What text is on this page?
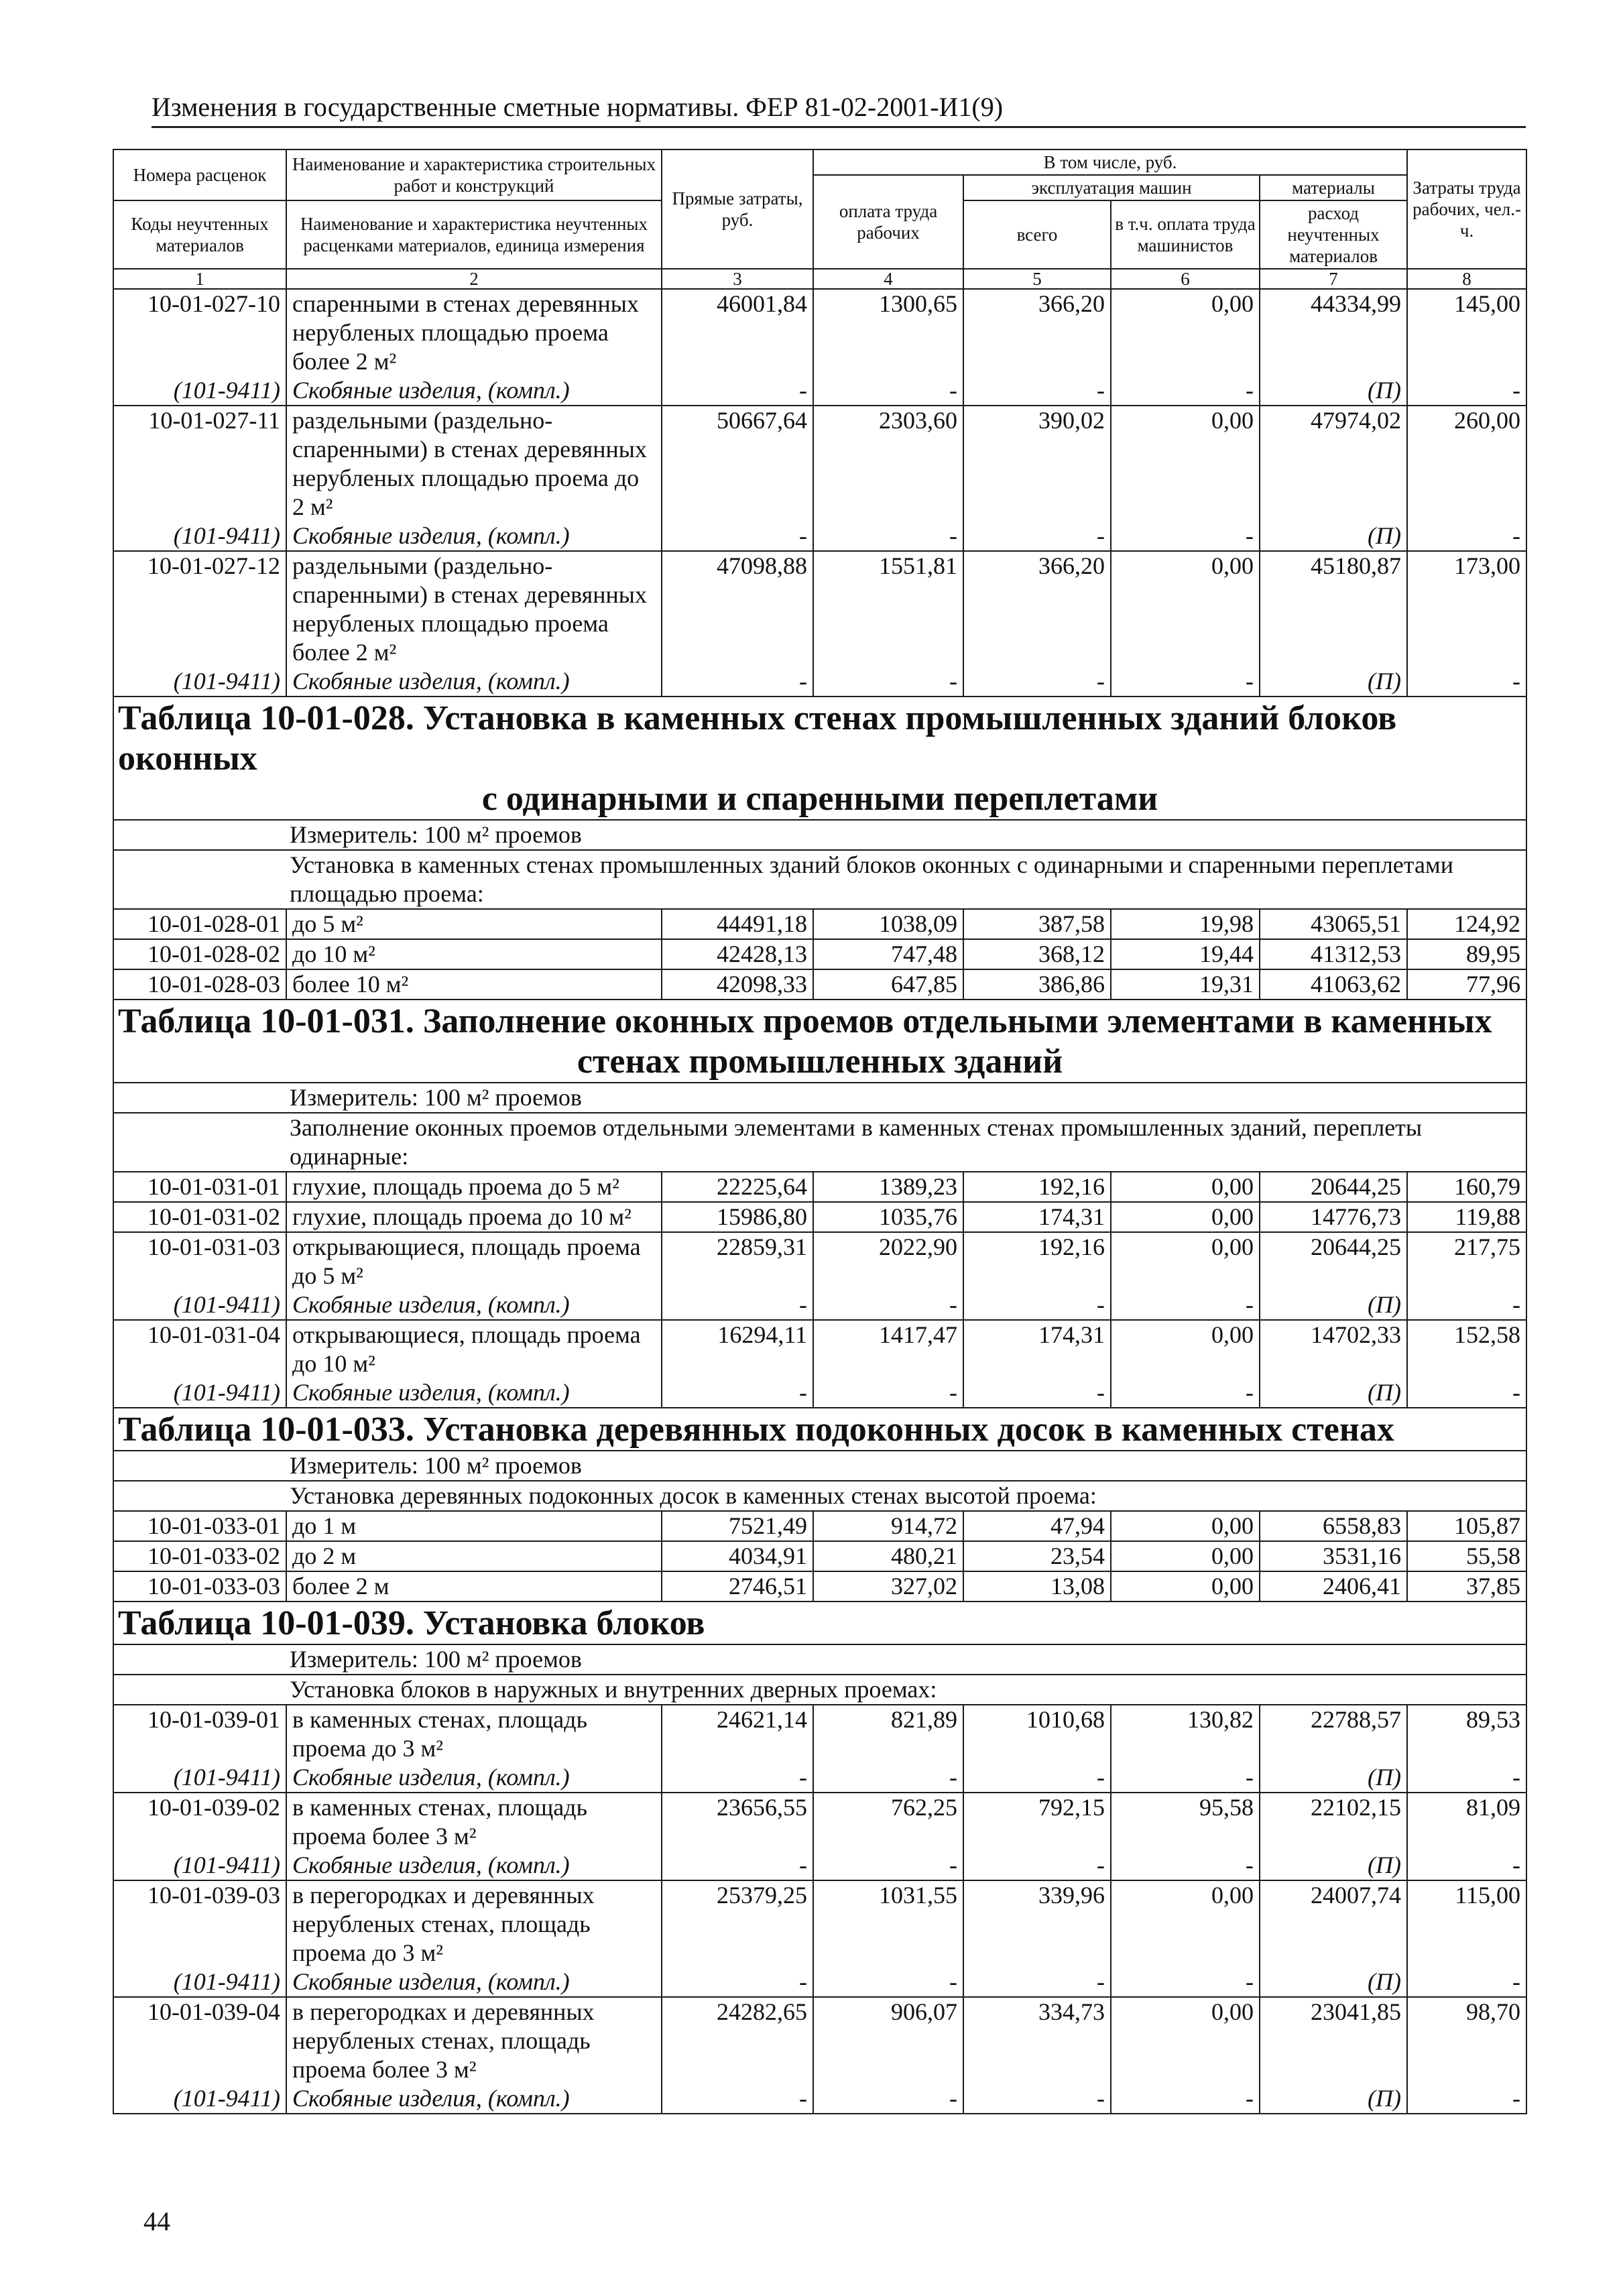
Изменения в государственные сметные нормативы. ФЕР 81-02-2001-И1(9)
Номера расценок	Наименование и характеристика строительных работ и конструкций	Прямые затраты, руб.	В том числе, руб.				Затраты труда рабочих, чел.-ч.
			оплата труда рабочих	эксплуатация машин		материалы	
Коды неучтенных материалов	Наименование и характеристика неучтенных расценками материалов, единица измерения			всего	в т.ч. оплата труда машинистов	расход неучтенных материалов	

1	2	3	4	5	6	7	8
10-01-027-10	спаренными в стенах деревянных нерубленых площадью проема более 2 м²	46001,84	1300,65	366,20	0,00	44334,99	145,00
(101-9411)	Скобяные изделия, (компл.)	-	-	-	-	(П)	-
10-01-027-11	раздельными (раздельно-спаренными) в стенах деревянных нерубленых площадью проема до 2 м²	50667,64	2303,60	390,02	0,00	47974,02	260,00
(101-9411)	Скобяные изделия, (компл.)	-	-	-	-	(П)	-
10-01-027-12	раздельными (раздельно-спаренными) в стенах деревянных нерубленых площадью проема более 2 м²	47098,88	1551,81	366,20	0,00	45180,87	173,00
(101-9411)	Скобяные изделия, (компл.)	-	-	-	-	(П)	-
Таблица 10-01-028. Установка в каменных стенах промышленных зданий блоков оконных
с одинарными и спаренными переплетами							

Измеритель: 100 м² проемов							
Установка в каменных стенах промышленных зданий блоков оконных с одинарными и спаренными переплетами площадью проема:							
10-01-028-01	до 5 м²	44491,18	1038,09	387,58	19,98	43065,51	124,92
10-01-028-02	до 10 м²	42428,13	747,48	368,12	19,44	41312,53	89,95
10-01-028-03	более 10 м²	42098,33	647,85	386,86	19,31	41063,62	77,96
Таблица 10-01-031. Заполнение оконных проемов отдельными элементами в каменных
стенах промышленных зданий							

Измеритель: 100 м² проемов							
Заполнение оконных проемов отдельными элементами в каменных стенах промышленных зданий, переплеты одинарные:							
10-01-031-01	глухие, площадь проема до 5 м²	22225,64	1389,23	192,16	0,00	20644,25	160,79
10-01-031-02	глухие, площадь проема до 10 м²	15986,80	1035,76	174,31	0,00	14776,73	119,88
10-01-031-03	открывающиеся, площадь проема до 5 м²	22859,31	2022,90	192,16	0,00	20644,25	217,75
(101-9411)	Скобяные изделия, (компл.)	-	-	-	-	(П)	-
10-01-031-04	открывающиеся, площадь проема до 10 м²	16294,11	1417,47	174,31	0,00	14702,33	152,58
(101-9411)	Скобяные изделия, (компл.)	-	-	-	-	(П)	-
Таблица 10-01-033. Установка деревянных подоконных досок в каменных стенах							
Измеритель: 100 м² проемов							
Установка деревянных подоконных досок в каменных стенах высотой проема:							
10-01-033-01	до 1 м	7521,49	914,72	47,94	0,00	6558,83	105,87
10-01-033-02	до 2 м	4034,91	480,21	23,54	0,00	3531,16	55,58
10-01-033-03	более 2 м	2746,51	327,02	13,08	0,00	2406,41	37,85
Таблица 10-01-039. Установка блоков							
Измеритель: 100 м² проемов							
Установка блоков в наружных и внутренних дверных проемах:							
10-01-039-01	в каменных стенах, площадь проема до 3 м²	24621,14	821,89	1010,68	130,82	22788,57	89,53
(101-9411)	Скобяные изделия, (компл.)	-	-	-	-	(П)	-
10-01-039-02	в каменных стенах, площадь проема более 3 м²	23656,55	762,25	792,15	95,58	22102,15	81,09
(101-9411)	Скобяные изделия, (компл.)	-	-	-	-	(П)	-
10-01-039-03	в перегородках и деревянных нерубленых стенах, площадь проема до 3 м²	25379,25	1031,55	339,96	0,00	24007,74	115,00
(101-9411)	Скобяные изделия, (компл.)	-	-	-	-	(П)	-
10-01-039-04	в перегородках и деревянных нерубленых стенах, площадь проема более 3 м²	24282,65	906,07	334,73	0,00	23041,85	98,70
(101-9411)	Скобяные изделия, (компл.)	-	-	-	-	(П)	-
44
